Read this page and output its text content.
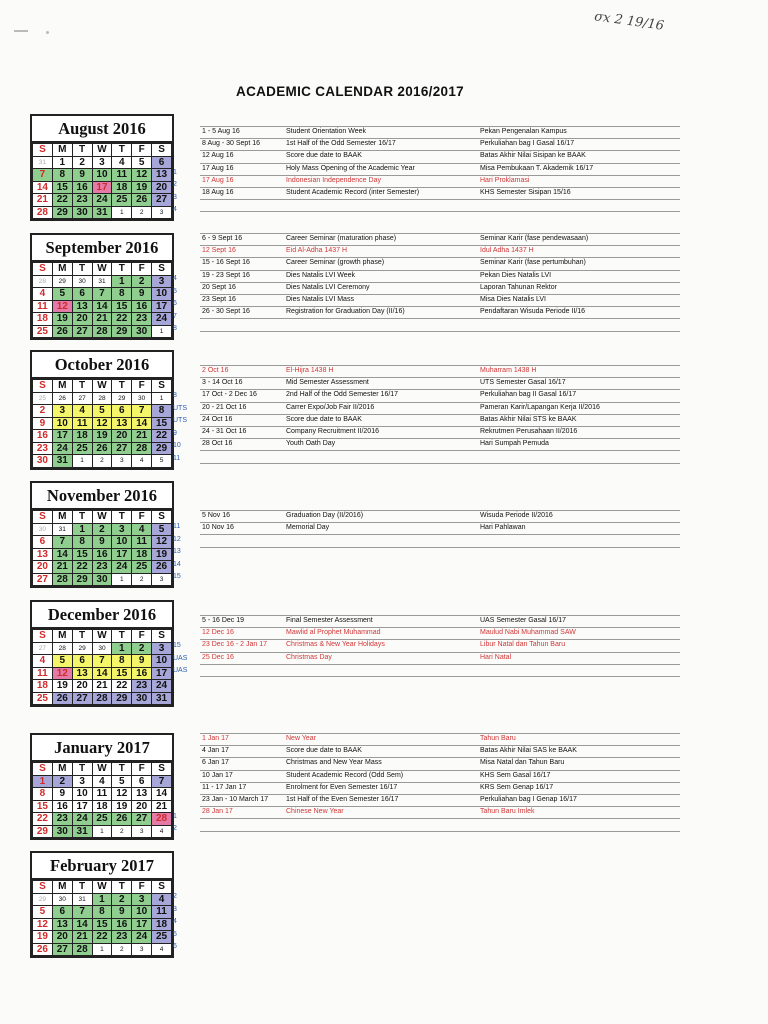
σx 2 19/16
ACADEMIC CALENDAR 2016/2017
August 2016
S	M	T	W	T	F	S
31	1	2	3	4	5	6
7	8	9	10	11	12	13
14	15	16	17	18	19	20
21	22	23	24	25	26	27
28	29	30	31	1	2	3
1
2
3
4
1 - 5 Aug 16	Student Orientation Week	Pekan Pengenalan Kampus
8 Aug - 30 Sept 16	1st Half of the Odd Semester 16/17	Perkuliahan bag I Gasal 16/17
12 Aug 16	Score due date to BAAK	Batas Akhir Nilai Sisipan ke BAAK
17 Aug 16	Holy Mass Opening of the Academic Year	Misa Pembukaan T. Akademik 16/17
17 Aug 16	Indonesian Independence Day	Hari Proklamasi
18 Aug 16	Student Academic Record (inter Semester)	KHS Semester Sisipan 15/16
September 2016
S	M	T	W	T	F	S
28	29	30	31	1	2	3
4	5	6	7	8	9	10
11	12	13	14	15	16	17
18	19	20	21	22	23	24
25	26	27	28	29	30	1
4
5
6
7
8
6 - 9 Sept 16	Career Seminar (maturation phase)	Seminar Karir (fase pendewasaan)
12 Sept 16	Eid Al-Adha 1437 H	Idul Adha 1437 H
15 - 16 Sept 16	Career Seminar (growth phase)	Seminar Karir (fase pertumbuhan)
19 - 23 Sept 16	Dies Natalis LVI Week	Pekan Dies Natalis LVI
20 Sept 16	Dies Natalis LVI Ceremony	Laporan Tahunan Rektor
23 Sept 16	Dies Natalis LVI Mass	Misa Dies Natalis LVI
26 - 30 Sept 16	Registration for Graduation Day (II/16)	Pendaftaran Wisuda Periode II/16
October 2016
S	M	T	W	T	F	S
25	26	27	28	29	30	1
2	3	4	5	6	7	8
9	10	11	12	13	14	15
16	17	18	19	20	21	22
23	24	25	26	27	28	29
30	31	1	2	3	4	5
8
UTS
UTS
9
10
11
2 Oct 16	El-Hijra 1438 H	Muharram 1438 H
3 - 14 Oct 16	Mid Semester Assessment	UTS Semester Gasal 16/17
17 Oct - 2 Dec 16	2nd Half of the Odd Semester 16/17	Perkuliahan bag II Gasal 16/17
20 - 21 Oct 16	Carrer Expo/Job Fair II/2016	Pameran Karir/Lapangan Kerja II/2016
24 Oct 16	Score due date to BAAK	Batas Akhir Nilai STS ke BAAK
24 - 31 Oct 16	Company Recruitment II/2016	Rekrutmen Perusahaan II/2016
28 Oct 16	Youth Oath Day	Hari Sumpah Pemuda
November 2016
S	M	T	W	T	F	S
30	31	1	2	3	4	5
6	7	8	9	10	11	12
13	14	15	16	17	18	19
20	21	22	23	24	25	26
27	28	29	30	1	2	3
11
12
13
14
15
5 Nov 16	Graduation Day (II/2016)	Wisuda Periode II/2016
10 Nov 16	Memorial Day	Hari Pahlawan
December 2016
S	M	T	W	T	F	S
27	28	29	30	1	2	3
4	5	6	7	8	9	10
11	12	13	14	15	16	17
18	19	20	21	22	23	24
25	26	27	28	29	30	31
15
UAS
UAS
5 - 16 Dec 19	Final Semester Assessment	UAS Semester Gasal 16/17
12 Dec 16	Mawlid al Prophet Muhammad	Maulud Nabi Muhammad SAW
23 Dec 16 - 2 Jan 17	Christmas & New Year Holidays	Libur Natal dan Tahun Baru
25 Dec 16	Christmas Day	Hari Natal
January 2017
S	M	T	W	T	F	S
1	2	3	4	5	6	7
8	9	10	11	12	13	14
15	16	17	18	19	20	21
22	23	24	25	26	27	28
29	30	31	1	2	3	4
1
2
1 Jan 17	New Year	Tahun Baru
4 Jan 17	Score due date to BAAK	Batas Akhir Nilai SAS ke BAAK
6 Jan 17	Christmas and New Year Mass	Misa Natal dan Tahun Baru
10 Jan 17	Student Academic Record (Odd Sem)	KHS Sem Gasal 16/17
11 - 17 Jan 17	Enrolment for Even Semester 16/17	KRS Sem Genap 16/17
23 Jan - 10 March 17	1st Half of the Even Semester 16/17	Perkuliahan bag I Genap 16/17
28 Jan 17	Chinese New Year	Tahun Baru Imlek
February 2017
S	M	T	W	T	F	S
29	30	31	1	2	3	4
5	6	7	8	9	10	11
12	13	14	15	16	17	18
19	20	21	22	23	24	25
26	27	28	1	2	3	4
2
3
4
5
6
